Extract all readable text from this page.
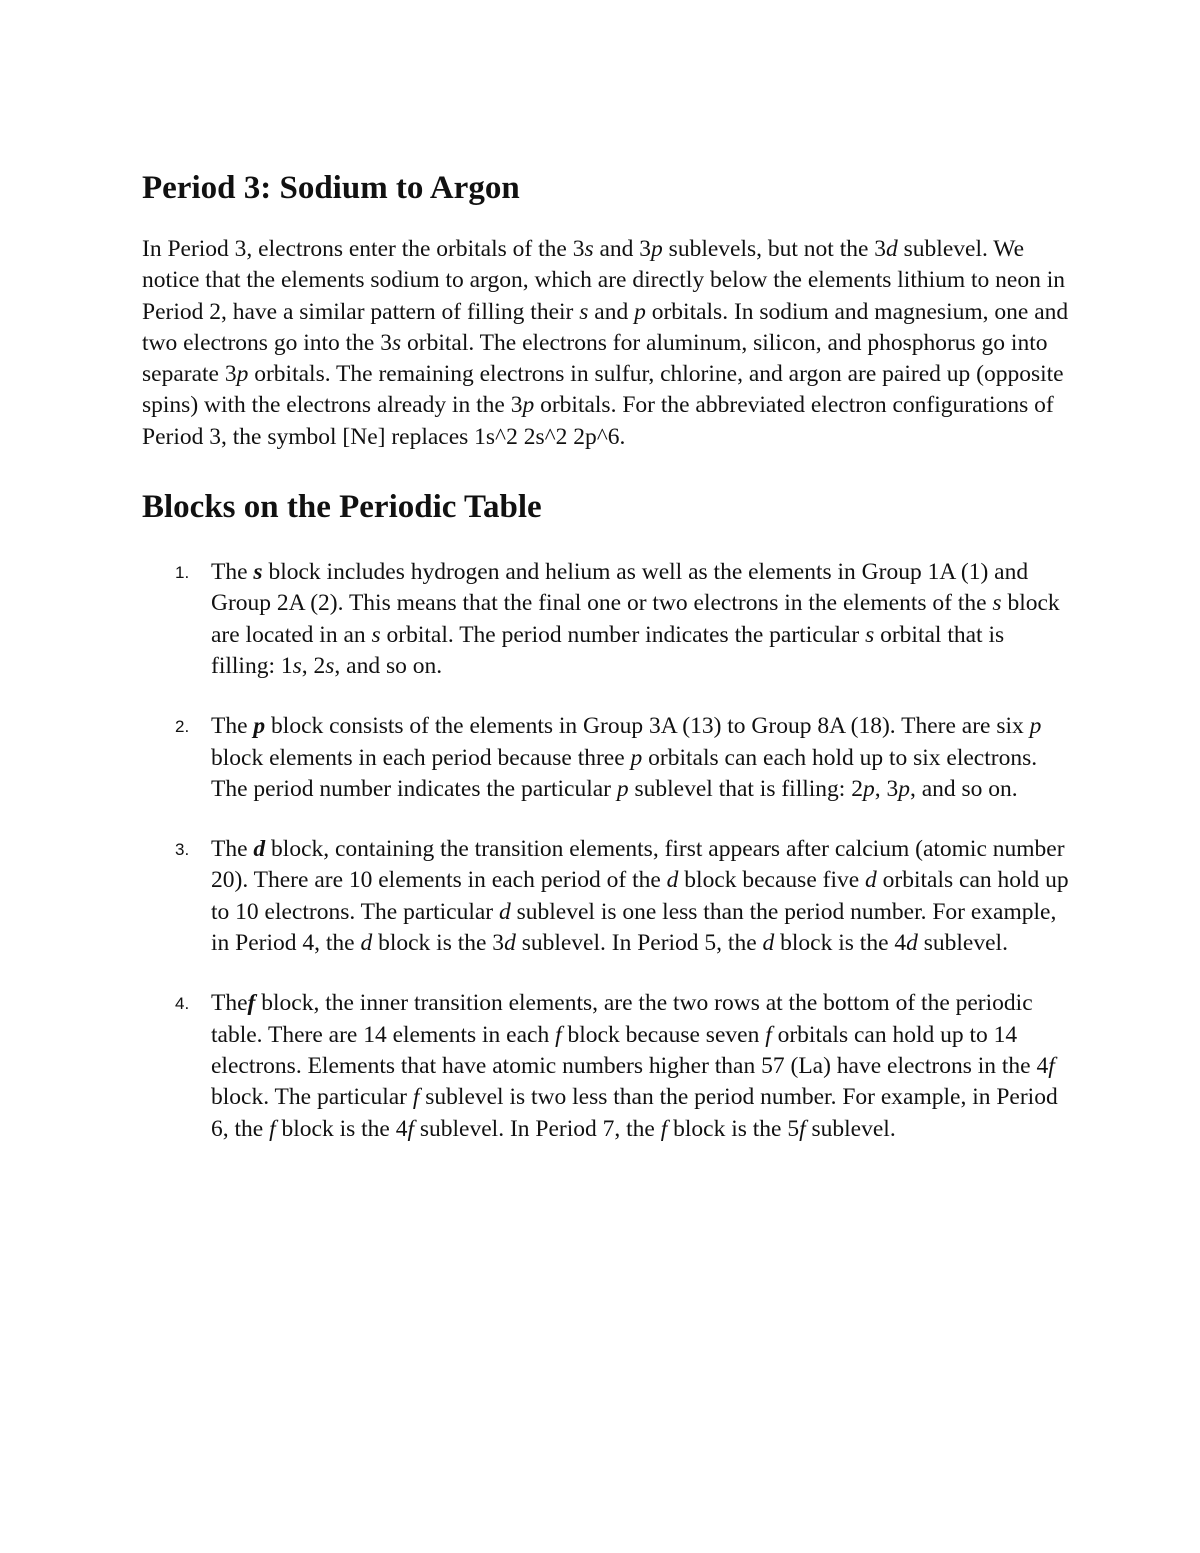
Period 3: Sodium to Argon

In Period 3, electrons enter the orbitals of the 3s and 3p sublevels, but not the 3d sublevel. We notice that the elements sodium to argon, which are directly below the elements lithium to neon in Period 2, have a similar pattern of filling their s and p orbitals. In sodium and magnesium, one and two electrons go into the 3s orbital. The electrons for aluminum, silicon, and phosphorus go into separate 3p orbitals. The remaining electrons in sulfur, chlorine, and argon are paired up (opposite spins) with the electrons already in the 3p orbitals. For the abbreviated electron configurations of Period 3, the symbol [Ne] replaces 1s^2 2s^2 2p^6.

Blocks on the Periodic Table
1. The s block includes hydrogen and helium as well as the elements in Group 1A (1) and Group 2A (2). This means that the final one or two electrons in the elements of the s block are located in an s orbital. The period number indicates the particular s orbital that is filling: 1s, 2s, and so on.
2. The p block consists of the elements in Group 3A (13) to Group 8A (18). There are six p block elements in each period because three p orbitals can each hold up to six electrons. The period number indicates the particular p sublevel that is filling: 2p, 3p, and so on.
3. The d block, containing the transition elements, first appears after calcium (atomic number 20). There are 10 elements in each period of the d block because five d orbitals can hold up to 10 electrons. The particular d sublevel is one less than the period number. For example, in Period 4, the d block is the 3d sublevel. In Period 5, the d block is the 4d sublevel.
4. Thef block, the inner transition elements, are the two rows at the bottom of the periodic table. There are 14 elements in each f block because seven f orbitals can hold up to 14 electrons. Elements that have atomic numbers higher than 57 (La) have electrons in the 4f block. The particular f sublevel is two less than the period number. For example, in Period 6, the f block is the 4f sublevel. In Period 7, the f block is the 5f sublevel.
